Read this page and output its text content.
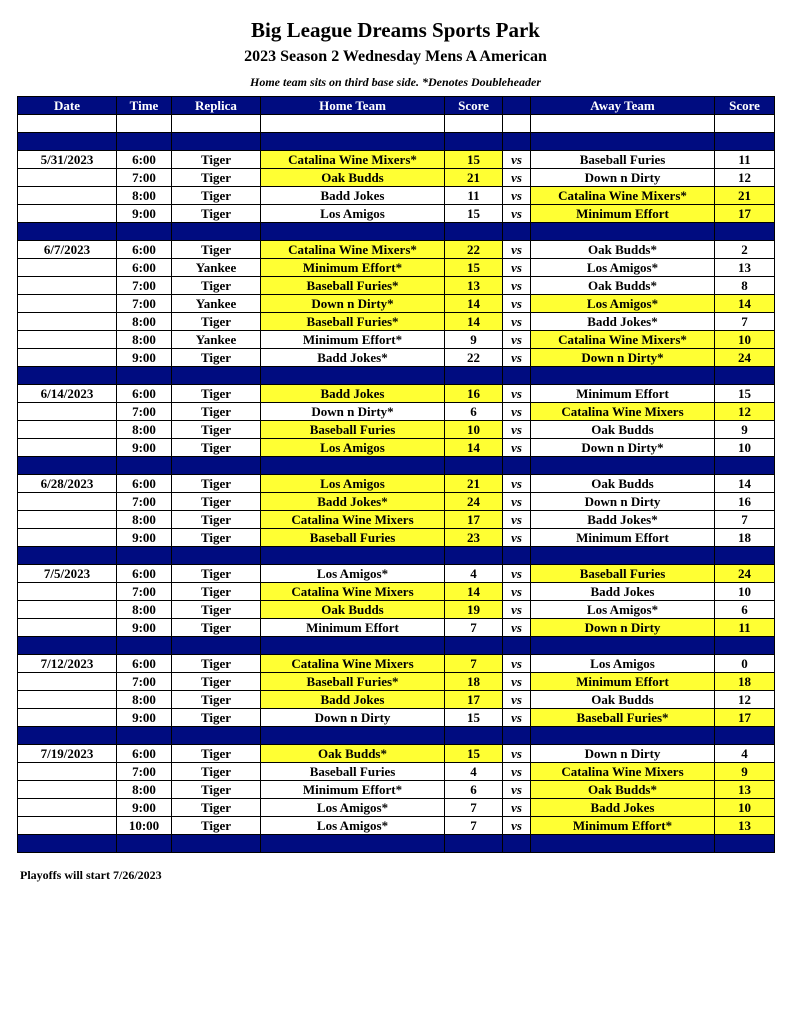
Big League Dreams Sports Park
2023 Season 2 Wednesday Mens A American

Home team sits on third base side. *Denotes Doubleheader

Date	Time	Replica	Home Team	Score		Away Team	Score

5/31/2023	6:00	Tiger	Catalina Wine Mixers*	15	vs	Baseball Furies	11
	7:00	Tiger	Oak Budds	21	vs	Down n Dirty	12
	8:00	Tiger	Badd Jokes	11	vs	Catalina Wine Mixers*	21
	9:00	Tiger	Los Amigos	15	vs	Minimum Effort	17

6/7/2023	6:00	Tiger	Catalina Wine Mixers*	22	vs	Oak Budds*	2
	6:00	Yankee	Minimum Effort*	15	vs	Los Amigos*	13
	7:00	Tiger	Baseball Furies*	13	vs	Oak Budds*	8
	7:00	Yankee	Down n Dirty*	14	vs	Los Amigos*	14
	8:00	Tiger	Baseball Furies*	14	vs	Badd Jokes*	7
	8:00	Yankee	Minimum Effort*	9	vs	Catalina Wine Mixers*	10
	9:00	Tiger	Badd Jokes*	22	vs	Down n Dirty*	24

6/14/2023	6:00	Tiger	Badd Jokes	16	vs	Minimum Effort	15
	7:00	Tiger	Down n Dirty*	6	vs	Catalina Wine Mixers	12
	8:00	Tiger	Baseball Furies	10	vs	Oak Budds	9
	9:00	Tiger	Los Amigos	14	vs	Down n Dirty*	10

6/28/2023	6:00	Tiger	Los Amigos	21	vs	Oak Budds	14
	7:00	Tiger	Badd Jokes*	24	vs	Down n Dirty	16
	8:00	Tiger	Catalina Wine Mixers	17	vs	Badd Jokes*	7
	9:00	Tiger	Baseball Furies	23	vs	Minimum Effort	18

7/5/2023	6:00	Tiger	Los Amigos*	4	vs	Baseball Furies	24
	7:00	Tiger	Catalina Wine Mixers	14	vs	Badd Jokes	10
	8:00	Tiger	Oak Budds	19	vs	Los Amigos*	6
	9:00	Tiger	Minimum Effort	7	vs	Down n Dirty	11

7/12/2023	6:00	Tiger	Catalina Wine Mixers	7	vs	Los Amigos	0
	7:00	Tiger	Baseball Furies*	18	vs	Minimum Effort	18
	8:00	Tiger	Badd Jokes	17	vs	Oak Budds	12
	9:00	Tiger	Down n Dirty	15	vs	Baseball Furies*	17

7/19/2023	6:00	Tiger	Oak Budds*	15	vs	Down n Dirty	4
	7:00	Tiger	Baseball Furies	4	vs	Catalina Wine Mixers	9
	8:00	Tiger	Minimum Effort*	6	vs	Oak Budds*	13
	9:00	Tiger	Los Amigos*	7	vs	Badd Jokes	10
	10:00	Tiger	Los Amigos*	7	vs	Minimum Effort*	13

Playoffs will start 7/26/2023
